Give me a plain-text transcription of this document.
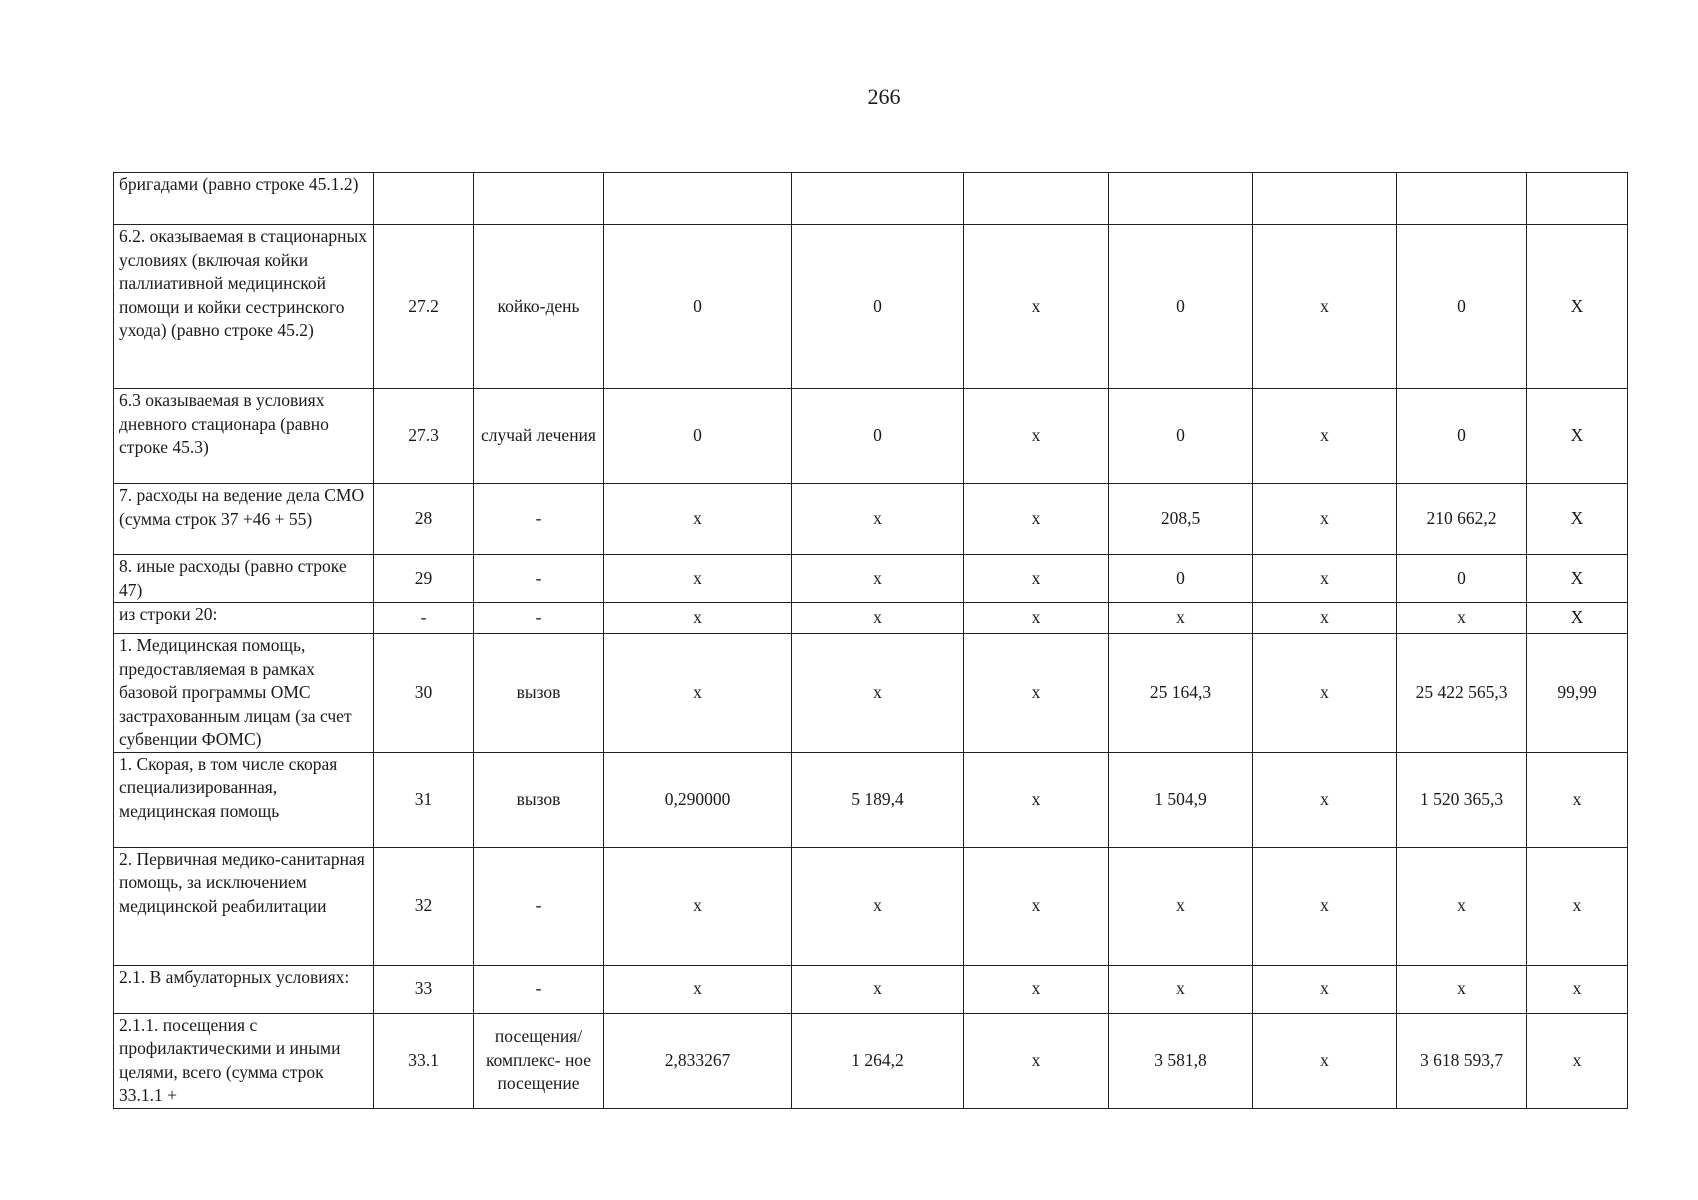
266
бригадами (равно строке 45.1.2)									
6.2. оказываемая в стационарных условиях (включая койки паллиативной медицинской помощи и койки сестринского ухода) (равно строке 45.2)	27.2	койко-день	0	0	х	0	х	0	Х
6.3 оказываемая в условиях дневного стационара (равно строке 45.3)	27.3	случай лечения	0	0	х	0	х	0	Х
7. расходы на ведение дела СМО (сумма строк 37 +46 + 55)	28	-	х	х	х	208,5	х	210 662,2	Х
8. иные расходы (равно строке 47)	29	-	х	х	х	0	х	0	Х
из строки 20:	-	-	х	х	х	х	х	х	Х
1. Медицинская помощь, предоставляемая в рамках базовой программы ОМС застрахованным лицам (за счет субвенции ФОМС)	30	вызов	х	х	х	25 164,3	х	25 422 565,3	99,99
1. Скорая, в том числе скорая специализированная, медицинская помощь	31	вызов	0,290000	5 189,4	х	1 504,9	х	1 520 365,3	х
2. Первичная медико-санитарная помощь, за исключением медицинской реабилитации	32	-	х	х	х	х	х	х	х
2.1. В амбулаторных условиях:	33	-	х	х	х	х	х	х	х
2.1.1. посещения с профилактическими и иными целями, всего (сумма строк 33.1.1 +	33.1	посещения/ комплекс- ное посещение	2,833267	1 264,2	х	3 581,8	х	3 618 593,7	х
